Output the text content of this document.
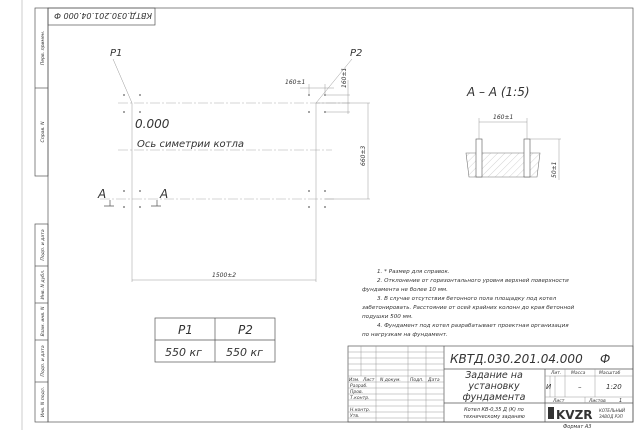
КВТД.030.201.04.000 Ф
Перв. примен.
Справ. N
Подп. и дата
Инв. N дубл.
Взам. инв. N
Подп. и дата
Инв. N подл.
P1	P2
0.000
Ось симетрии котла
A	A
1500±2
660±3
160±1	160±1
A – A (1:5)
160±1
50±1
1. * Размер для справок.
2. Отклонение от горизонтального уровня верхней поверхности
фундамента не более 10 мм.
3. В случае отсутствия бетонного пола площадку под котел
забетонировать. Расстояние от осей крайних колонн до края бетонной
подушки 500 мм.
4. Фундамент под котел разрабатывает проектная организация
по нагрузкам на фундамент.
P1	P2
550 кг 550 кг
Изм. Лист N докум. Подп. Дата
Разраб.
Пров.
Т.контр.
Н.контр.
Утв.
КВТД.030.201.04.000 Ф
Задание на
установку
фундамента
Котел КВ-0,35 Д (К) по
техническому заданию
Лит. Масса	Масштаб
И	–	1:20
Лист	Листов	1
KVZR КОТЕЛЬНЫЙ
ЗАВОД РЭП
Формат А3
